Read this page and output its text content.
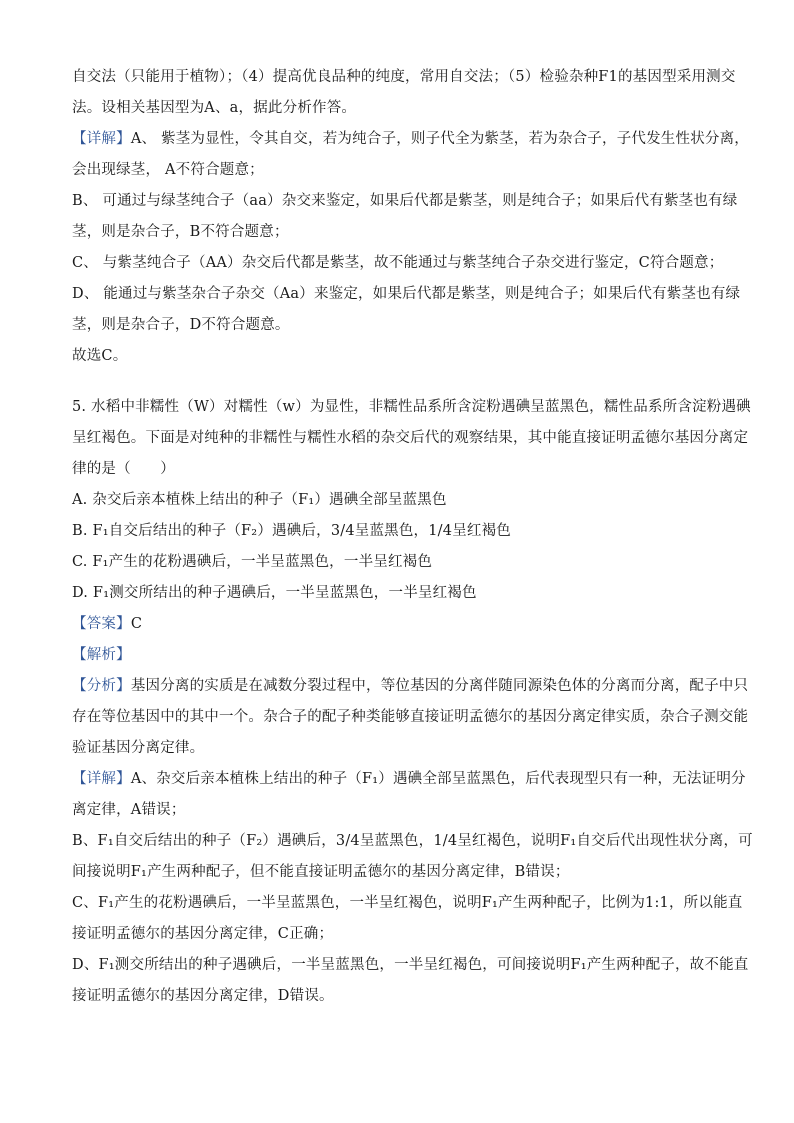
自交法（只能用于植物）；（4）提高优良品种的纯度，常用自交法；（5）检验杂种F1的基因型采用测交
法。设相关基因型为A、a，据此分析作答。
【详解】A、 紫茎为显性，令其自交，若为纯合子，则子代全为紫茎，若为杂合子，子代发生性状分离，
会出现绿茎， A不符合题意；
B、 可通过与绿茎纯合子（aa）杂交来鉴定，如果后代都是紫茎，则是纯合子；如果后代有紫茎也有绿
茎，则是杂合子，B不符合题意；
C、 与紫茎纯合子（AA）杂交后代都是紫茎，故不能通过与紫茎纯合子杂交进行鉴定，C符合题意；
D、 能通过与紫茎杂合子杂交（Aa）来鉴定，如果后代都是紫茎，则是纯合子；如果后代有紫茎也有绿
茎，则是杂合子，D不符合题意。
故选C。
5. 水稻中非糯性（W）对糯性（w）为显性，非糯性品系所含淀粉遇碘呈蓝黑色，糯性品系所含淀粉遇碘
呈红褐色。下面是对纯种的非糯性与糯性水稻的杂交后代的观察结果，其中能直接证明孟德尔基因分离定
律的是（　　）
A. 杂交后亲本植株上结出的种子（F₁）遇碘全部呈蓝黑色
B. F₁自交后结出的种子（F₂）遇碘后，3/4呈蓝黑色，1/4呈红褐色
C. F₁产生的花粉遇碘后，一半呈蓝黑色，一半呈红褐色
D. F₁测交所结出的种子遇碘后，一半呈蓝黑色，一半呈红褐色
【答案】C
【解析】
【分析】基因分离的实质是在减数分裂过程中，等位基因的分离伴随同源染色体的分离而分离，配子中只
存在等位基因中的其中一个。杂合子的配子种类能够直接证明孟德尔的基因分离定律实质，杂合子测交能
验证基因分离定律。
【详解】A、杂交后亲本植株上结出的种子（F₁）遇碘全部呈蓝黑色，后代表现型只有一种，无法证明分
离定律，A错误；
B、F₁自交后结出的种子（F₂）遇碘后，3/4呈蓝黑色，1/4呈红褐色，说明F₁自交后代出现性状分离，可
间接说明F₁产生两种配子，但不能直接证明孟德尔的基因分离定律，B错误；
C、F₁产生的花粉遇碘后，一半呈蓝黑色，一半呈红褐色，说明F₁产生两种配子，比例为1:1，所以能直
接证明孟德尔的基因分离定律，C正确；
D、F₁测交所结出的种子遇碘后，一半呈蓝黑色，一半呈红褐色，可间接说明F₁产生两种配子，故不能直
接证明孟德尔的基因分离定律，D错误。
